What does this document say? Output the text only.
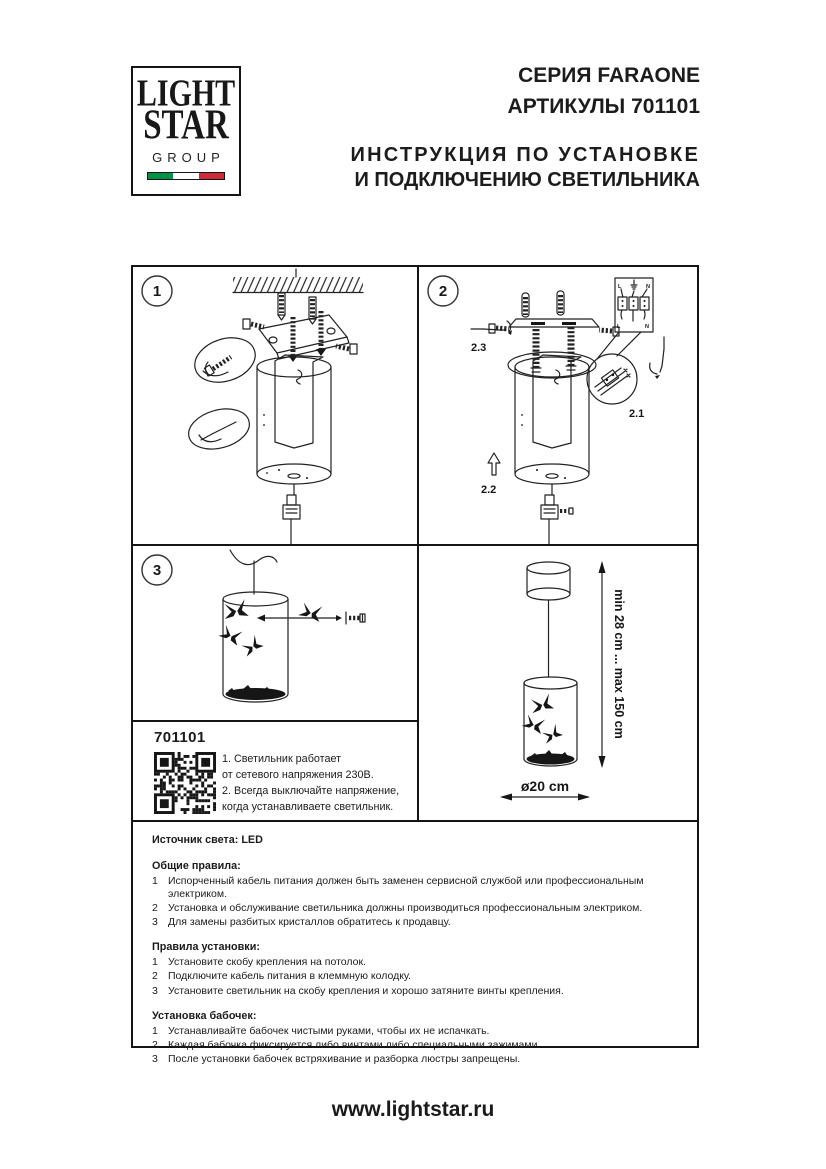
LIGHT
STAR
GROUP
СЕРИЯ FARAONE
АРТИКУЛЫ 701101
ИНСТРУКЦИЯ ПО УСТАНОВКЕ
И ПОДКЛЮЧЕНИЮ СВЕТИЛЬНИКА
1	2
2.3
L	N
L	N
2.1
2.2
3
701101
1. Светильник работает
от сетевого напряжения 230В.
2. Всегда выключайте напряжение,
когда устанавливаете светильник.
min 28 cm ... max 150 cm
ø20 cm
Источник света: LED
Общие правила:
1 Испорченный кабель питания должен быть заменен сервисной службой или профессиональным электриком.
2 Установка и обслуживание светильника должны производиться профессиональным электриком.
3 Для замены разбитых кристаллов обратитесь к продавцу.
Правила установки:
1 Установите скобу крепления на потолок.
2 Подключите кабель питания в клеммную колодку.
3 Установите светильник на скобу крепления и хорошо затяните винты крепления.
Установка бабочек:
1 Устанавливайте бабочек чистыми руками, чтобы их не испачкать.
2 Каждая бабочка фиксируется либо винтами либо специальными зажимами.
3 После установки бабочек встряхивание и разборка люстры запрещены.
www.lightstar.ru
